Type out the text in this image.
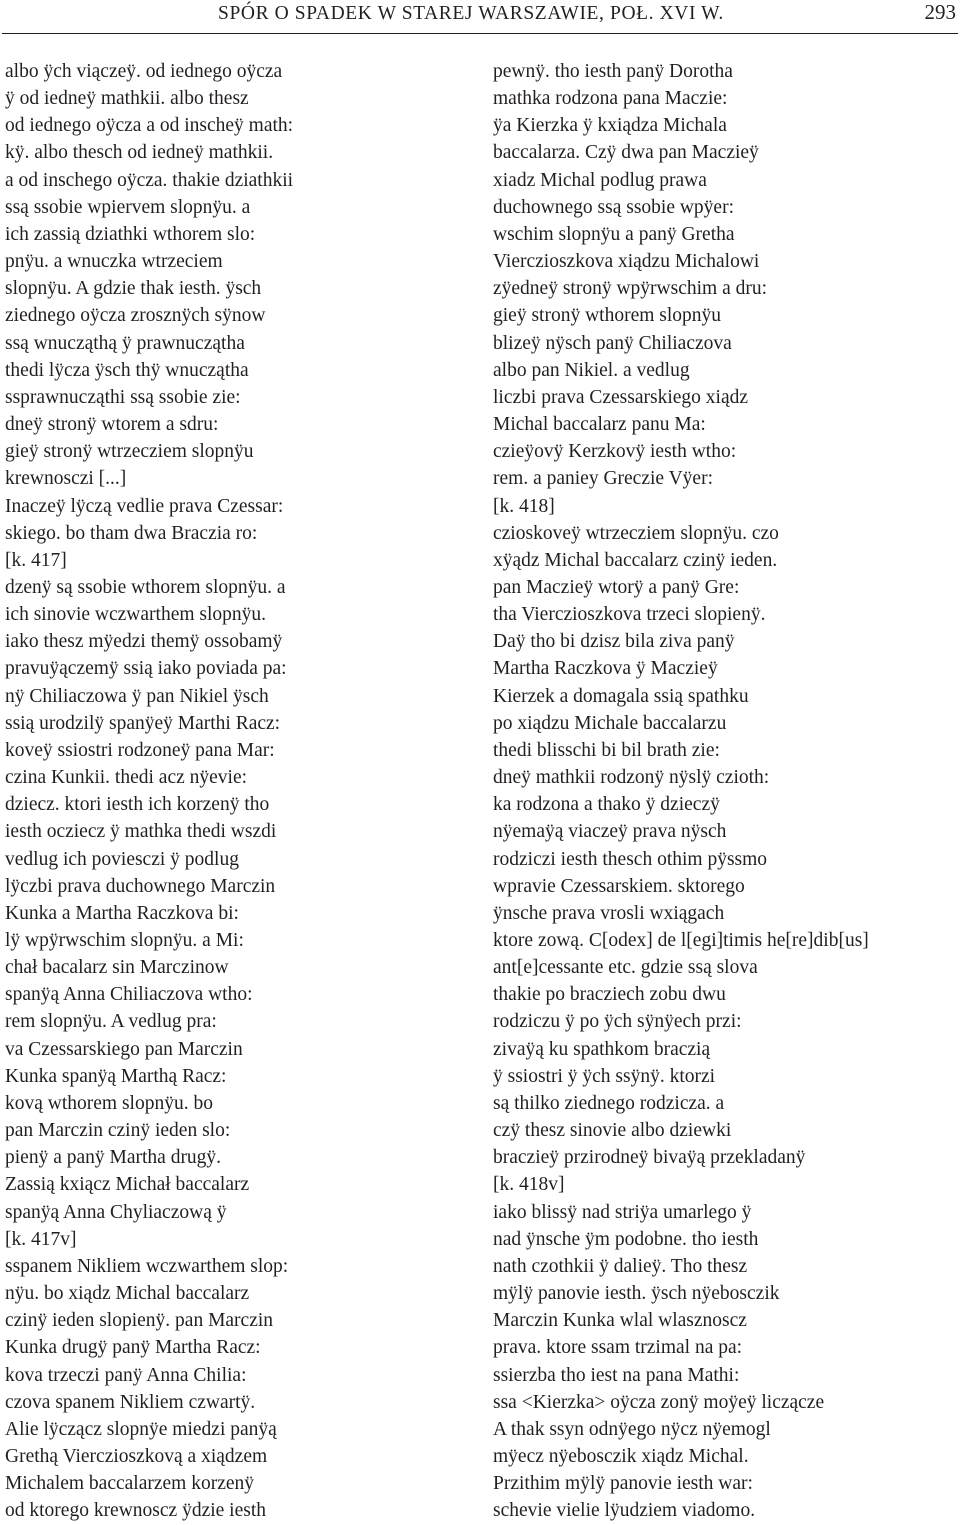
SPÓR O SPADEK W STAREJ WARSZAWIE, POŁ. XVI W.	293
albo ÿch viączeÿ. od iednego oÿcza
ÿ od iedneÿ mathkii. albo thesz
od iednego oÿcza a od inscheÿ math:
kÿ. albo thesch od iedneÿ mathkii.
a od inschego oÿcza. thakie dziathkii
ssą ssobie wpiervem slopnÿu. a
ich zassią dziathki wthorem slo:
pnÿu. a wnuczka wtrzeciem
slopnÿu. A gdzie thak iesth. ÿsch
ziednego oÿcza zrosznÿch sÿnow
ssą wnucząthą ÿ prawnuczątha
thedi lÿcza ÿsch thÿ wnuczątha
ssprawnucząthi ssą ssobie zie:
dneÿ stronÿ wtorem a sdru:
gieÿ stronÿ wtrzecziem slopnÿu
krewnosczi [...]
Inaczeÿ lÿczą vedlie prava Czessar:
skiego. bo tham dwa Braczia ro:
[k. 417]
dzenÿ są ssobie wthorem slopnÿu. a
ich sinovie wczwarthem slopnÿu.
iako thesz mÿedzi themÿ ossobamÿ
pravuÿączemÿ ssią iako poviada pa:
nÿ Chiliaczowa ÿ pan Nikiel ÿsch
ssią urodzilÿ spanÿeÿ Marthi Racz:
koveÿ ssiostri rodzoneÿ pana Mar:
czina Kunkii. thedi acz nÿevie:
dziecz. ktori iesth ich korzenÿ tho
iesth ocziecz ÿ mathka thedi wszdi
vedlug ich poviesczi ÿ podlug
lÿczbi prava duchownego Marczin
Kunka a Martha Raczkova bi:
lÿ wpÿrwschim slopnÿu. a Mi:
chał bacalarz sin Marczinow
spanÿą Anna Chiliaczova wtho:
rem slopnÿu. A vedlug pra:
va Czessarskiego pan Marczin
Kunka spanÿą Marthą Racz:
kovą wthorem slopnÿu. bo
pan Marczin czinÿ ieden slo:
pienÿ a panÿ Martha drugÿ.
Zassią kxiącz Michał baccalarz
spanÿą Anna Chyliaczową ÿ
[k. 417v]
sspanem Nikliem wczwarthem slop:
nÿu. bo xiądz Michal baccalarz
czinÿ ieden slopienÿ. pan Marczin
Kunka drugÿ panÿ Martha Racz:
kova trzeczi panÿ Anna Chilia:
czova spanem Nikliem czwartÿ.
Alie lÿcząсz slopnÿe miedzi panÿą
Grethą Viercziоszkovą a xiądzem
Michalem baccalarzem korzenÿ
od ktorego krewnoscz ÿdzie iesth
pewnÿ. tho iesth panÿ Dorotha
mathka rodzona pana Maczie:
ÿa Kierzka ÿ kxiądza Michala
baccalarza. Czÿ dwa pan Maczieÿ
xiadz Michal podlug prawa
duchownego ssą ssobie wpÿer:
wschim slopnÿu a panÿ Gretha
Vierczioszkova xiądzu Michalowi
zÿedneÿ stronÿ wpÿrwschim a dru:
gieÿ stronÿ wthorem slopnÿu
blizeÿ nÿsch panÿ Chiliaczova
albo pan Nikiel. a vedlug
liczbi prava Czessarskiego xiądz
Michal baccalarz panu Ma:
czieÿovÿ Kerzkovÿ iesth wtho:
rem. a paniey Greczie Vÿer:
[k. 418]
czioskoveÿ wtrzecziem slopnÿu. czo
xÿądz Michal baccalarz czinÿ ieden.
pan Maczieÿ wtorÿ a panÿ Gre:
tha Vierczioszkova trzeci slopienÿ.
Daÿ tho bi dzisz bila ziva panÿ
Martha Raczkova ÿ Maczieÿ
Kierzek a domagala ssią spathku
po xiądzu Michale baccalarzu
thedi blisschi bi bil brath zie:
dneÿ mathkii rodzonÿ nÿslÿ czioth:
ka rodzona a thako ÿ dzieczÿ
nÿemaÿą viaczeÿ prava nÿsch
rodziczi iesth thesch othim pÿssmo
wpravie Czessarskiem. sktorego
ÿnsche prava vrosli wxiągach
ktore zową. C[odex] de l[egi]timis he[re]dib[us]
ant[e]cessante etc. gdzie ssą slova
thakie po bracziech zobu dwu
rodziczu ÿ po ÿch sÿnÿech przi:
zivaÿą ku spathkom braczią
ÿ ssiostri ÿ ÿch ssÿnÿ. ktorzi
są thilko ziednego rodzicza. a
czÿ thesz sinovie albo dziewki
braczieÿ przirodneÿ bivaÿą przekladanÿ
[k. 418v]
iako blissÿ nad striÿa umarlego ÿ
nad ÿnsche ÿm podobne. tho iesth
nath czothkii ÿ dalieÿ. Tho thesz
mÿlÿ panovie iesth. ÿsch nÿebosczik
Marczin Kunka wlal wlasznoscz
prava. ktore ssam trzimal na pa:
ssierzba tho iest na pana Mathi:
ssa <Kierzka> oÿcza zonÿ moÿeÿ liczącze
A thak ssyn odnÿego nÿcz nÿemogl
mÿecz nÿebosczik xiądz Michal.
Przithim mÿlÿ panovie iesth war:
schevie vielie lÿudziem viadomo.
